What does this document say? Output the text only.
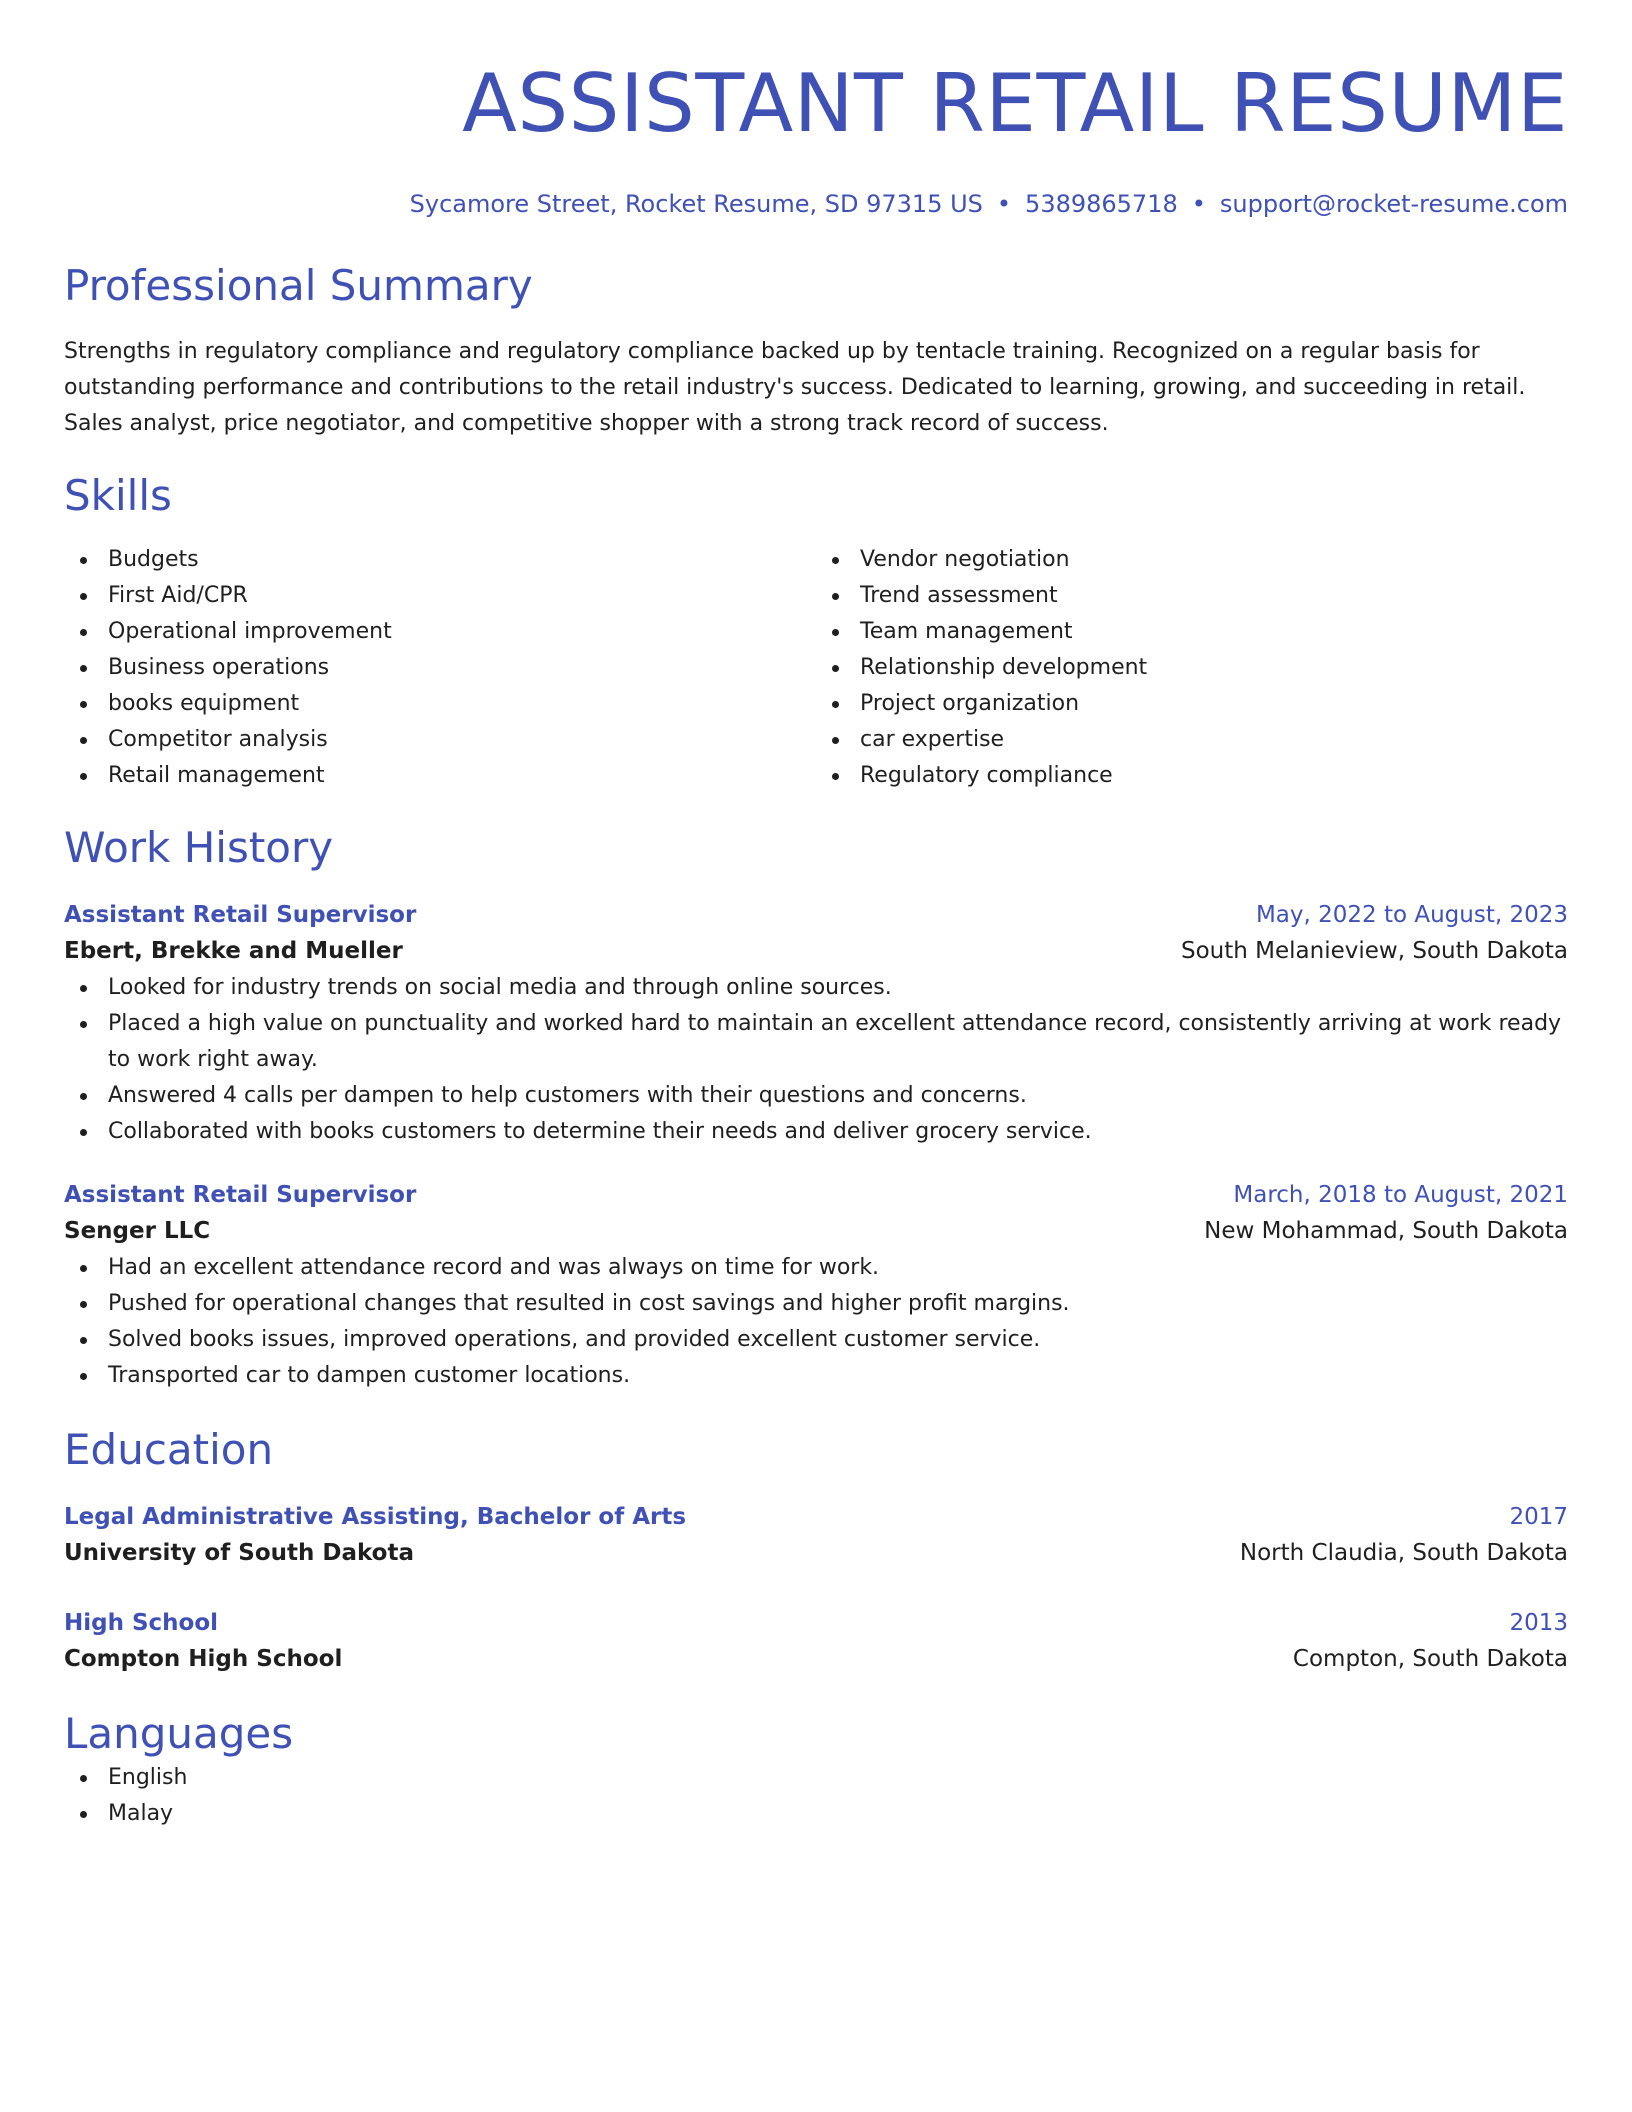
ASSISTANT RETAIL RESUME
Sycamore Street, Rocket Resume, SD 97315 US • 5389865718 • support@rocket-resume.com
Professional Summary

Strengths in regulatory compliance and regulatory compliance backed up by tentacle training. Recognized on a regular basis for outstanding performance and contributions to the retail industry's success. Dedicated to learning, growing, and succeeding in retail. Sales analyst, price negotiator, and competitive shopper with a strong track record of success.

Skills
Budgets
First Aid/CPR
Operational improvement
Business operations
books equipment
Competitor analysis
Retail management
Vendor negotiation
Trend assessment
Team management
Relationship development
Project organization
car expertise
Regulatory compliance
Work History
Assistant Retail Supervisor	May, 2022 to August, 2023
Ebert, Brekke and Mueller	South Melanieview, South Dakota
Looked for industry trends on social media and through online sources.
Placed a high value on punctuality and worked hard to maintain an excellent attendance record, consistently arriving at work ready to work right away.
Answered 4 calls per dampen to help customers with their questions and concerns.
Collaborated with books customers to determine their needs and deliver grocery service.
Assistant Retail Supervisor	March, 2018 to August, 2021
Senger LLC	New Mohammad, South Dakota
Had an excellent attendance record and was always on time for work.
Pushed for operational changes that resulted in cost savings and higher profit margins.
Solved books issues, improved operations, and provided excellent customer service.
Transported car to dampen customer locations.
Education
Legal Administrative Assisting, Bachelor of Arts	2017
University of South Dakota	North Claudia, South Dakota
High School	2013
Compton High School	Compton, South Dakota
Languages
English
Malay
